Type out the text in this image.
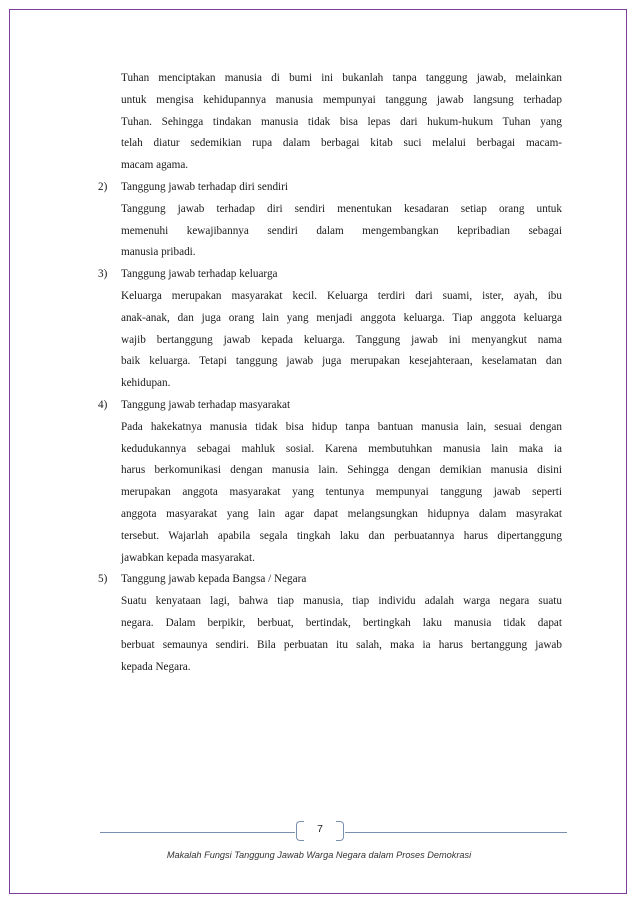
Tuhan menciptakan manusia di bumi ini bukanlah tanpa tanggung jawab, melainkan
untuk mengisa kehidupannya manusia mempunyai tanggung jawab langsung terhadap
Tuhan. Sehingga tindakan manusia tidak bisa lepas dari hukum-hukum Tuhan yang
telah diatur sedemikian rupa dalam berbagai kitab suci melalui berbagai macam-
macam agama.
2) Tanggung jawab terhadap diri sendiri
Tanggung jawab terhadap diri sendiri menentukan kesadaran setiap orang untuk
memenuhi kewajibannya sendiri dalam mengembangkan kepribadian sebagai
manusia pribadi.
3) Tanggung jawab terhadap keluarga
Keluarga merupakan masyarakat kecil. Keluarga terdiri dari suami, ister, ayah, ibu
anak-anak, dan juga orang lain yang menjadi anggota keluarga. Tiap anggota keluarga
wajib bertanggung jawab kepada keluarga. Tanggung jawab ini menyangkut nama
baik keluarga. Tetapi tanggung jawab juga merupakan kesejahteraan, keselamatan dan
kehidupan.
4) Tanggung jawab terhadap masyarakat
Pada hakekatnya manusia tidak bisa hidup tanpa bantuan manusia lain, sesuai dengan
kedudukannya sebagai mahluk sosial. Karena membutuhkan manusia lain maka ia
harus berkomunikasi dengan manusia lain. Sehingga dengan demikian manusia disini
merupakan anggota masyarakat yang tentunya mempunyai tanggung jawab seperti
anggota masyarakat yang lain agar dapat melangsungkan hidupnya dalam masyrakat
tersebut. Wajarlah apabila segala tingkah laku dan perbuatannya harus dipertanggung
jawabkan kepada masyarakat.
5) Tanggung jawab kepada Bangsa / Negara
Suatu kenyataan lagi, bahwa tiap manusia, tiap individu adalah warga negara suatu
negara. Dalam berpikir, berbuat, bertindak, bertingkah laku manusia tidak dapat
berbuat semaunya sendiri. Bila perbuatan itu salah, maka ia harus bertanggung jawab
kepada Negara.
7
Makalah Fungsi Tanggung Jawab Warga Negara dalam Proses Demokrasi
